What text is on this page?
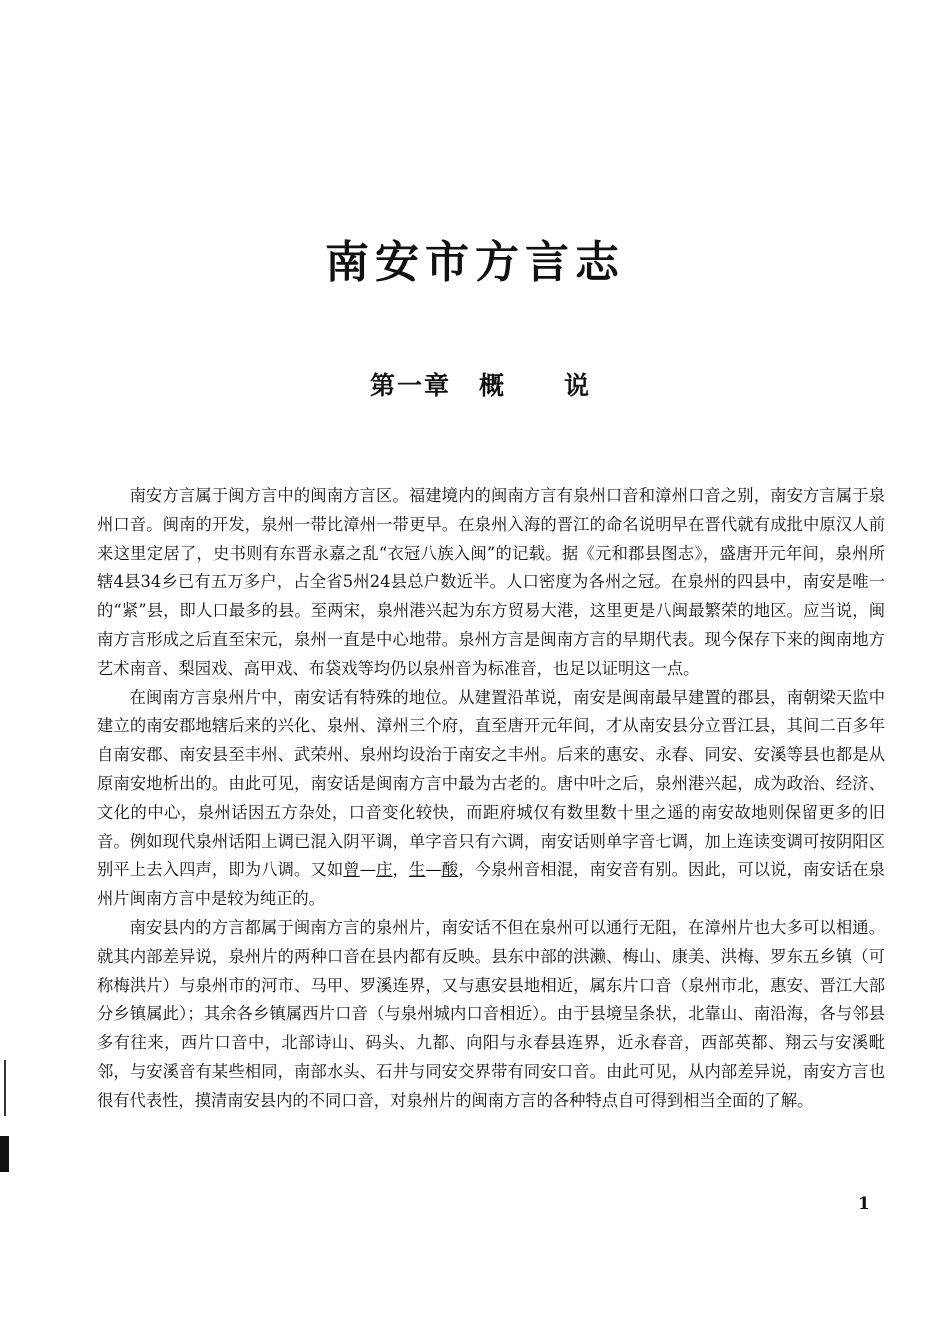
南安市方言志
第一章 概 说

南安方言属于闽方言中的闽南方言区。福建境内的闽南方言有泉州口音和漳州口音之别，南安方言属于泉州口音。闽南的开发，泉州一带比漳州一带更早。在泉州入海的晋江的命名说明早在晋代就有成批中原汉人前来这里定居了，史书则有东晋永嘉之乱“衣冠八族入闽”的记载。据《元和郡县图志》，盛唐开元年间，泉州所辖4县34乡已有五万多户，占全省5州24县总户数近半。人口密度为各州之冠。在泉州的四县中，南安是唯一的“紧”县，即人口最多的县。至两宋，泉州港兴起为东方贸易大港，这里更是八闽最繁荣的地区。应当说，闽南方言形成之后直至宋元，泉州一直是中心地带。泉州方言是闽南方言的早期代表。现今保存下来的闽南地方艺术南音、梨园戏、高甲戏、布袋戏等均仍以泉州音为标准音，也足以证明这一点。

在闽南方言泉州片中，南安话有特殊的地位。从建置沿革说，南安是闽南最早建置的郡县，南朝梁天监中建立的南安郡地辖后来的兴化、泉州、漳州三个府，直至唐开元年间，才从南安县分立晋江县，其间二百多年自南安郡、南安县至丰州、武荣州、泉州均设治于南安之丰州。后来的惠安、永春、同安、安溪等县也都是从原南安地析出的。由此可见，南安话是闽南方言中最为古老的。唐中叶之后，泉州港兴起，成为政治、经济、文化的中心，泉州话因五方杂处，口音变化较快，而距府城仅有数里数十里之遥的南安故地则保留更多的旧音。例如现代泉州话阳上调已混入阴平调，单字音只有六调，南安话则单字音七调，加上连读变调可按阴阳区别平上去入四声，即为八调。又如曾—庄，生—酸，今泉州音相混，南安音有别。因此，可以说，南安话在泉州片闽南方言中是较为纯正的。

南安县内的方言都属于闽南方言的泉州片，南安话不但在泉州可以通行无阻，在漳州片也大多可以相通。就其内部差异说，泉州片的两种口音在县内都有反映。县东中部的洪濑、梅山、康美、洪梅、罗东五乡镇（可称梅洪片）与泉州市的河市、马甲、罗溪连界，又与惠安县地相近，属东片口音（泉州市北，惠安、晋江大部分乡镇属此）；其余各乡镇属西片口音（与泉州城内口音相近）。由于县境呈条状，北靠山、南沿海，各与邻县多有往来，西片口音中，北部诗山、码头、九都、向阳与永春县连界，近永春音，西部英都、翔云与安溪毗邻，与安溪音有某些相同，南部水头、石井与同安交界带有同安口音。由此可见，从内部差异说，南安方言也很有代表性，摸清南安县内的不同口音，对泉州片的闽南方言的各种特点自可得到相当全面的了解。

1
